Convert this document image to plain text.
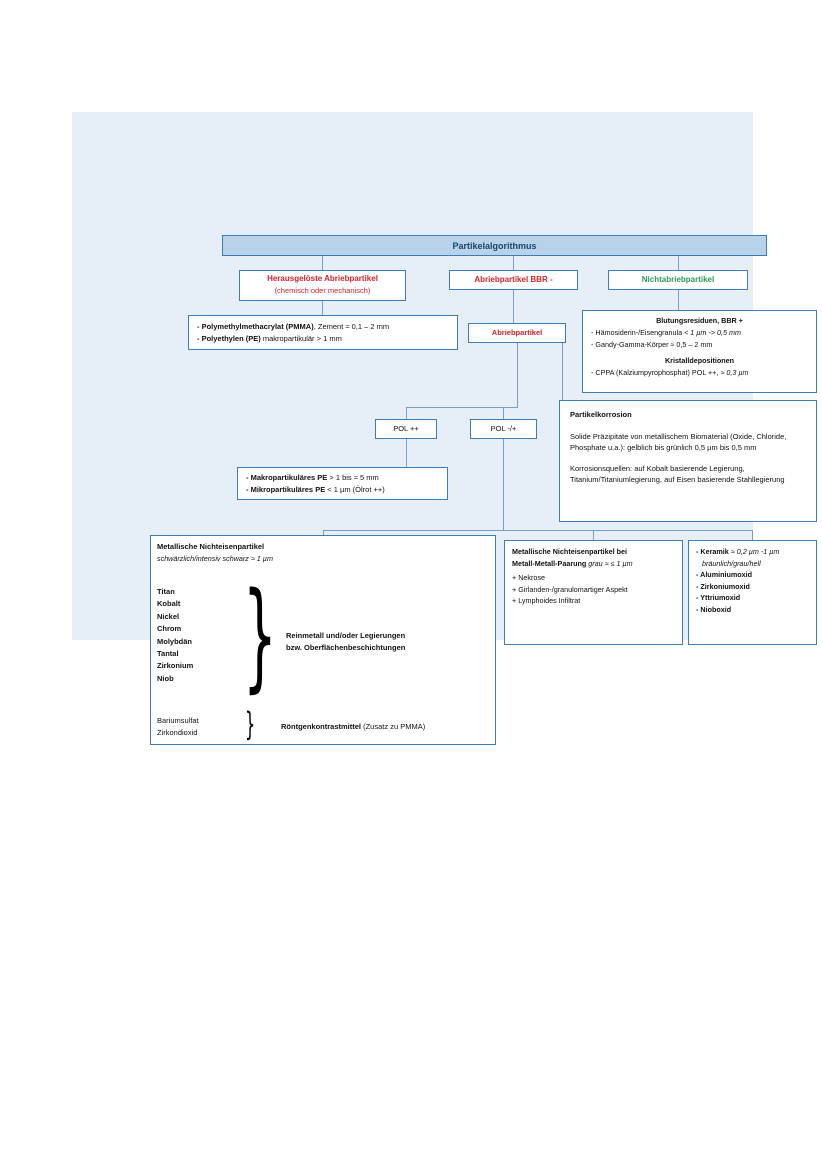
Partikelalgorithmus
Herausgelöste Abriebpartikel
(chemisch oder mechanisch)
Abriebpartikel BBR -	Nichtabriebpartikel
- Polymethylmethacrylat (PMMA), Zement ≈ 0,1 – 2 mm
- Polyethylen (PE) makropartikulär > 1 mm
Abriebpartikel
Blutungsresiduen, BBR +
- Hämosiderin-/Eisengranula < 1 µm -> 0,5 mm
- Gandy-Gamma-Körper ≈ 0,5 – 2 mm
Kristalldepositionen
- CPPA (Kalziumpyrophosphat) POL ++, ≈ 0,3 µm
POL ++	POL -/+
Partikelkorrosion
Solide Präzipitate von metallischem Biomaterial (Oxide, Chloride, Phosphate u.a.): gelblich bis grünlich 0,5 µm bis 0,5 mm
Korrosionsquellen: auf Kobalt basierende Legierung, Titanium/Titaniumlegierung, auf Eisen basierende Stahllegierung
- Makropartikuläres PE > 1 bis ≈ 5 mm
- Mikropartikuläres PE < 1 µm (Ölrot ++)
Metallische Nichteisenpartikel
schwärzlich/intensiv schwarz ≈ 1 µm
Titan
Kobalt
Nickel
Chrom
Molybdän
Tantal
Zirkonium
Niob } Reinmetall und/oder Legierungen
bzw. Oberflächenbeschichtungen
Bariumsulfat
Zirkondioxid }	Röntgenkontrastmittel (Zusatz zu PMMA)
Metallische Nichteisenpartikel bei
Metall-Metall-Paarung grau ≈ ≤ 1 µm
+ Nekrose
+ Girlanden-/granulomartiger Aspekt
+ Lymphoides Infiltrat
- Keramik ≈ 0,2 µm -1 µm
bräunlich/grau/hell
- Aluminiumoxid
- Zirkoniumoxid
- Yttriumoxid
- Nioboxid
